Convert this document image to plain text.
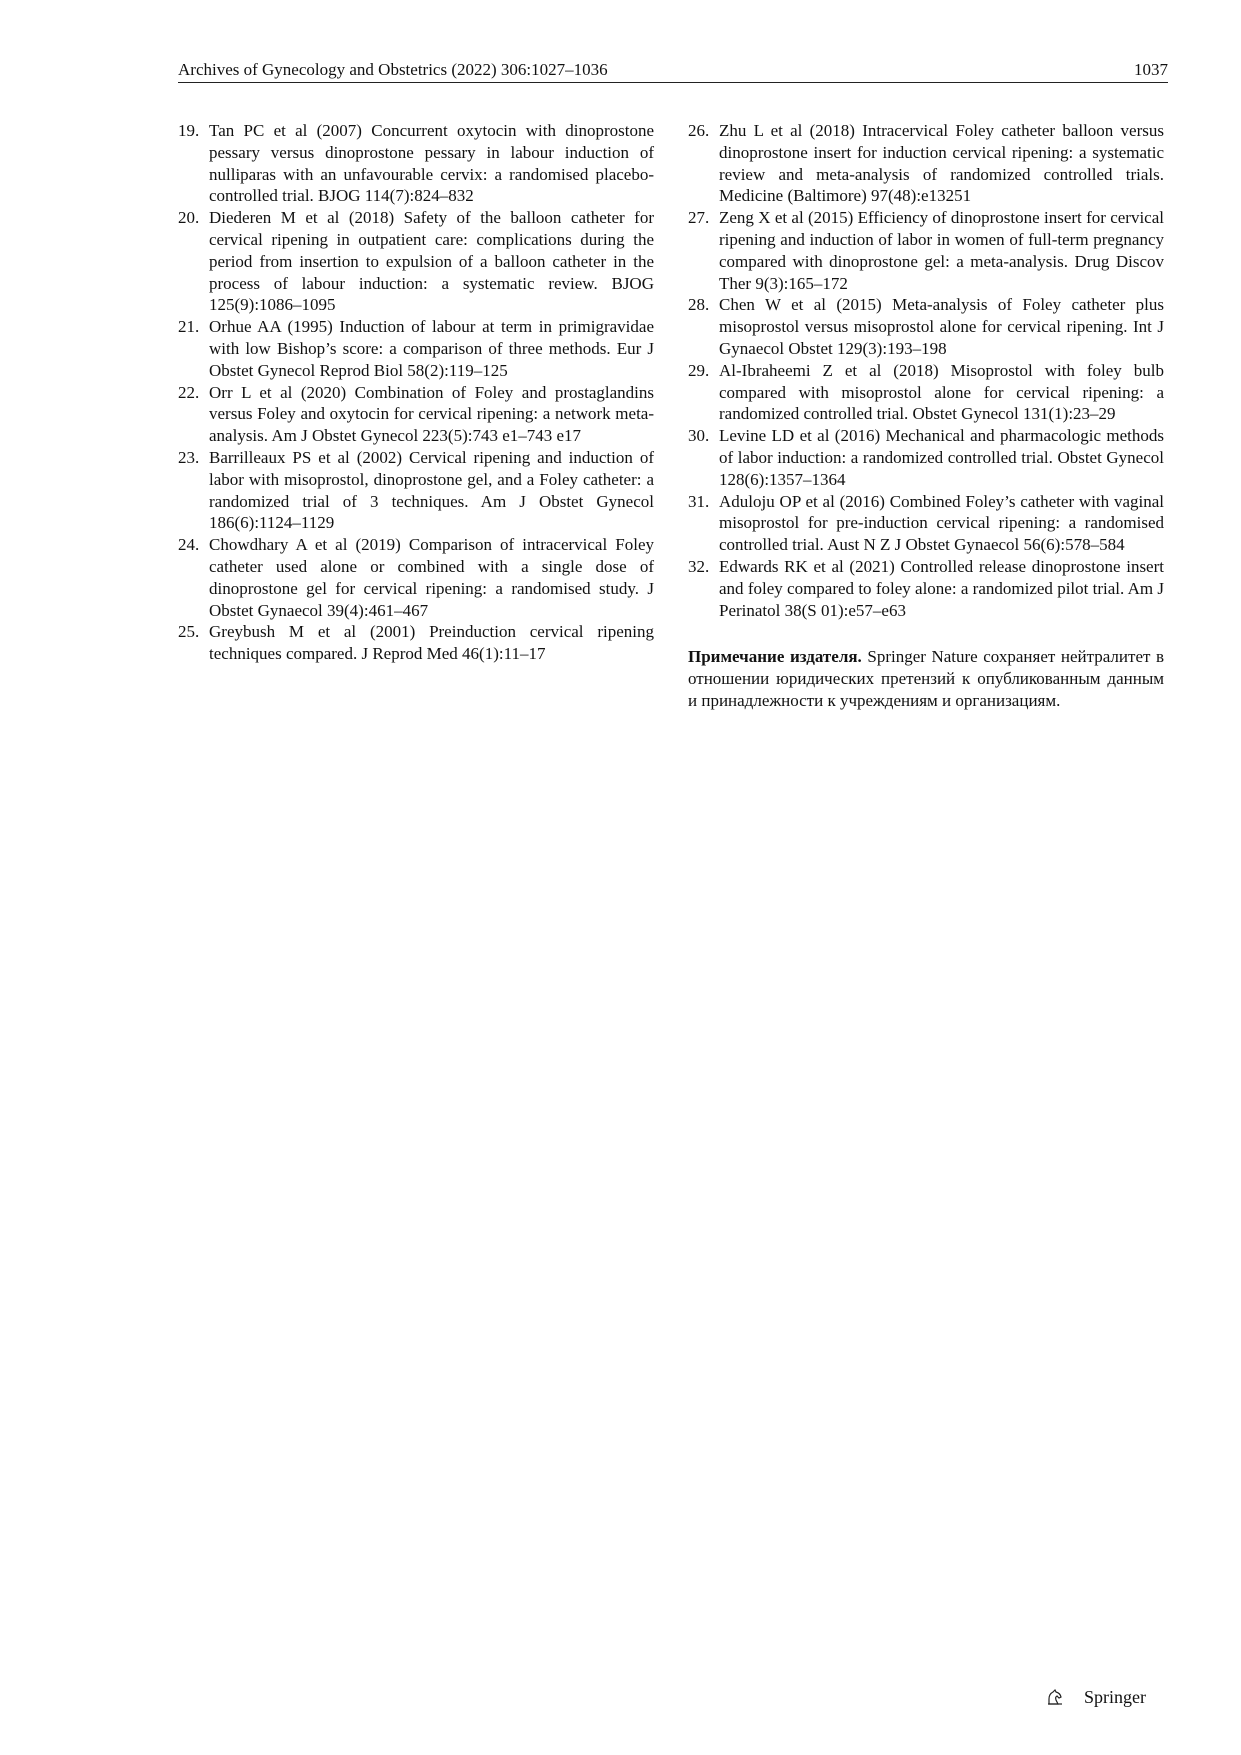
Archives of Gynecology and Obstetrics (2022) 306:1027–1036	1037
19. Tan PC et al (2007) Concurrent oxytocin with dinoprostone pessary versus dinoprostone pessary in labour induction of nulliparas with an unfavourable cervix: a randomised placebo-controlled trial. BJOG 114(7):824–832
20. Diederen M et al (2018) Safety of the balloon catheter for cervical ripening in outpatient care: complications during the period from insertion to expulsion of a balloon catheter in the process of labour induction: a systematic review. BJOG 125(9):1086–1095
21. Orhue AA (1995) Induction of labour at term in primigravidae with low Bishop’s score: a comparison of three methods. Eur J Obstet Gynecol Reprod Biol 58(2):119–125
22. Orr L et al (2020) Combination of Foley and prostaglandins versus Foley and oxytocin for cervical ripening: a network meta-analysis. Am J Obstet Gynecol 223(5):743 e1–743 e17
23. Barrilleaux PS et al (2002) Cervical ripening and induction of labor with misoprostol, dinoprostone gel, and a Foley catheter: a randomized trial of 3 techniques. Am J Obstet Gynecol 186(6):1124–1129
24. Chowdhary A et al (2019) Comparison of intracervical Foley catheter used alone or combined with a single dose of dinoprostone gel for cervical ripening: a randomised study. J Obstet Gynaecol 39(4):461–467
25. Greybush M et al (2001) Preinduction cervical ripening techniques compared. J Reprod Med 46(1):11–17
26. Zhu L et al (2018) Intracervical Foley catheter balloon versus dinoprostone insert for induction cervical ripening: a systematic review and meta-analysis of randomized controlled trials. Medicine (Baltimore) 97(48):e13251
27. Zeng X et al (2015) Efficiency of dinoprostone insert for cervical ripening and induction of labor in women of full-term pregnancy compared with dinoprostone gel: a meta-analysis. Drug Discov Ther 9(3):165–172
28. Chen W et al (2015) Meta-analysis of Foley catheter plus misoprostol versus misoprostol alone for cervical ripening. Int J Gynaecol Obstet 129(3):193–198
29. Al-Ibraheemi Z et al (2018) Misoprostol with foley bulb compared with misoprostol alone for cervical ripening: a randomized controlled trial. Obstet Gynecol 131(1):23–29
30. Levine LD et al (2016) Mechanical and pharmacologic methods of labor induction: a randomized controlled trial. Obstet Gynecol 128(6):1357–1364
31. Aduloju OP et al (2016) Combined Foley’s catheter with vaginal misoprostol for pre-induction cervical ripening: a randomised controlled trial. Aust N Z J Obstet Gynaecol 56(6):578–584
32. Edwards RK et al (2021) Controlled release dinoprostone insert and foley compared to foley alone: a randomized pilot trial. Am J Perinatol 38(S 01):e57–e63
Примечание издателя. Springer Nature сохраняет нейтралитет в отношении юридических претензий к опубликованным данным и принадлежности к учреждениям и организациям.
Springer
